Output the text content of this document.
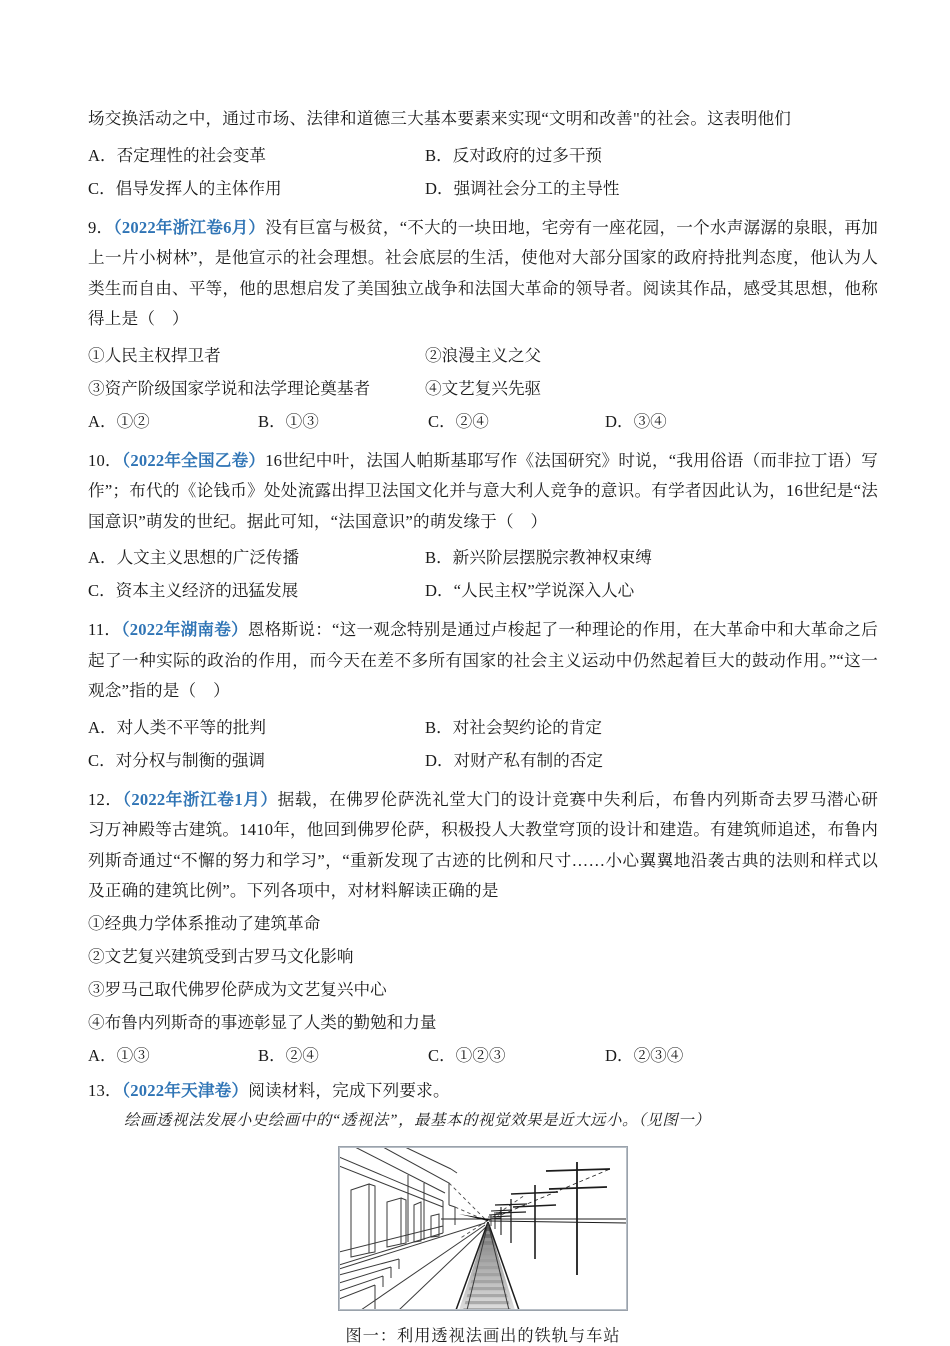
场交换活动之中，通过市场、法律和道德三大基本要素来实现“文明和改善"的社会。这表明他们

A．否定理性的社会变革	B．反对政府的过多干预
C．倡导发挥人的主体作用	D．强调社会分工的主导性

9．（2022年浙江卷6月）没有巨富与极贫，“不大的一块田地，宅旁有一座花园，一个水声潺潺的泉眼，再加上一片小树林”，是他宣示的社会理想。社会底层的生活，使他对大部分国家的政府持批判态度，他认为人类生而自由、平等，他的思想启发了美国独立战争和法国大革命的领导者。阅读其作品，感受其思想，他称得上是（　）

①人民主权捍卫者	②浪漫主义之父
③资产阶级国家学说和法学理论奠基者	④文艺复兴先驱
A．①②	B．①③	C．②④	D．③④

10．（2022年全国乙卷）16世纪中叶，法国人帕斯基耶写作《法国研究》时说，“我用俗语（而非拉丁语）写作”；布代的《论钱币》处处流露出捍卫法国文化并与意大利人竞争的意识。有学者因此认为，16世纪是“法国意识”萌发的世纪。据此可知，“法国意识”的萌发缘于（　）

A．人文主义思想的广泛传播	B．新兴阶层摆脱宗教神权束缚
C．资本主义经济的迅猛发展	D．“人民主权”学说深入人心

11．（2022年湖南卷）恩格斯说：“这一观念特别是通过卢梭起了一种理论的作用，在大革命中和大革命之后起了一种实际的政治的作用，而今天在差不多所有国家的社会主义运动中仍然起着巨大的鼓动作用。”“这一观念”指的是（　）

A．对人类不平等的批判	B．对社会契约论的肯定
C．对分权与制衡的强调	D．对财产私有制的否定

12．（2022年浙江卷1月）据载，在佛罗伦萨洗礼堂大门的设计竞赛中失利后，布鲁内列斯奇去罗马潜心研习万神殿等古建筑。1410年，他回到佛罗伦萨，积极投人大教堂穹顶的设计和建造。有建筑师追述，布鲁内列斯奇通过“不懈的努力和学习”，“重新发现了古迹的比例和尺寸……小心翼翼地沿袭古典的法则和样式以及正确的建筑比例”。下列各项中，对材料解读正确的是

①经典力学体系推动了建筑革命

②文艺复兴建筑受到古罗马文化影响

③罗马己取代佛罗伦萨成为文艺复兴中心

④布鲁内列斯奇的事迹彰显了人类的勤勉和力量

A．①③	B．②④	C．①②③	D．②③④

13．（2022年天津卷）阅读材料，完成下列要求。

绘画透视法发展小史绘画中的“透视法”，最基本的视觉效果是近大远小。（见图一）

图一：利用透视法画出的铁轨与车站
